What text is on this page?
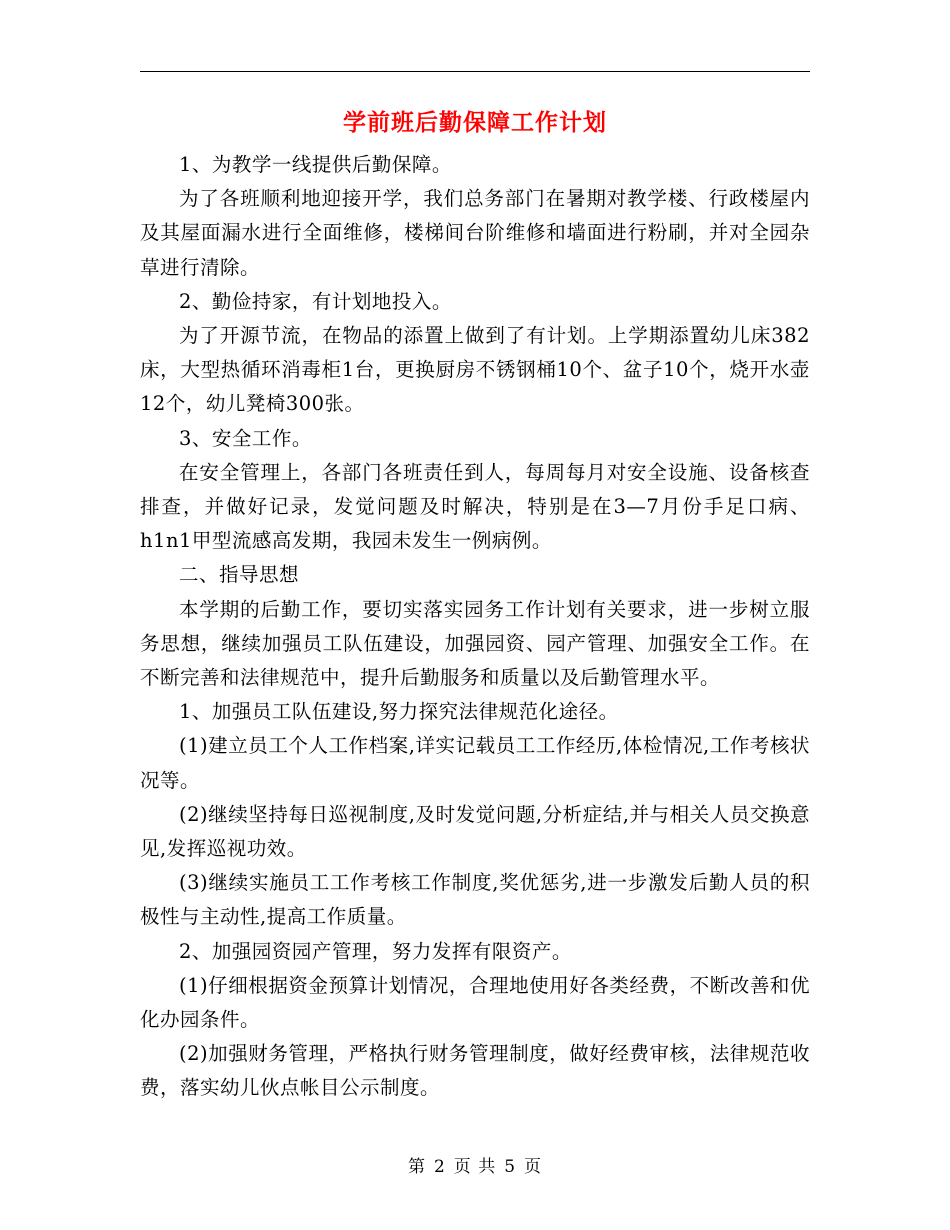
学前班后勤保障工作计划

1、为教学一线提供后勤保障。

为了各班顺利地迎接开学，我们总务部门在暑期对教学楼、行政楼屋内及其屋面漏水进行全面维修，楼梯间台阶维修和墙面进行粉刷，并对全园杂草进行清除。

2、勤俭持家，有计划地投入。

为了开源节流，在物品的添置上做到了有计划。上学期添置幼儿床382床，大型热循环消毒柜1台，更换厨房不锈钢桶10个、盆子10个，烧开水壶12个，幼儿凳椅300张。

3、安全工作。

在安全管理上，各部门各班责任到人，每周每月对安全设施、设备核查排查，并做好记录，发觉问题及时解决，特别是在3—7月份手足口病、h1n1甲型流感高发期，我园未发生一例病例。

二、指导思想

本学期的后勤工作，要切实落实园务工作计划有关要求，进一步树立服务思想，继续加强员工队伍建设，加强园资、园产管理、加强安全工作。在不断完善和法律规范中，提升后勤服务和质量以及后勤管理水平。

1、加强员工队伍建设,努力探究法律规范化途径。

(1)建立员工个人工作档案,详实记载员工工作经历,体检情况,工作考核状况等。

(2)继续坚持每日巡视制度,及时发觉问题,分析症结,并与相关人员交换意见,发挥巡视功效。

(3)继续实施员工工作考核工作制度,奖优惩劣,进一步激发后勤人员的积极性与主动性,提高工作质量。

2、加强园资园产管理，努力发挥有限资产。

(1)仔细根据资金预算计划情况，合理地使用好各类经费，不断改善和优化办园条件。

(2)加强财务管理，严格执行财务管理制度，做好经费审核，法律规范收费，落实幼儿伙点帐目公示制度。

第 2 页 共 5 页
